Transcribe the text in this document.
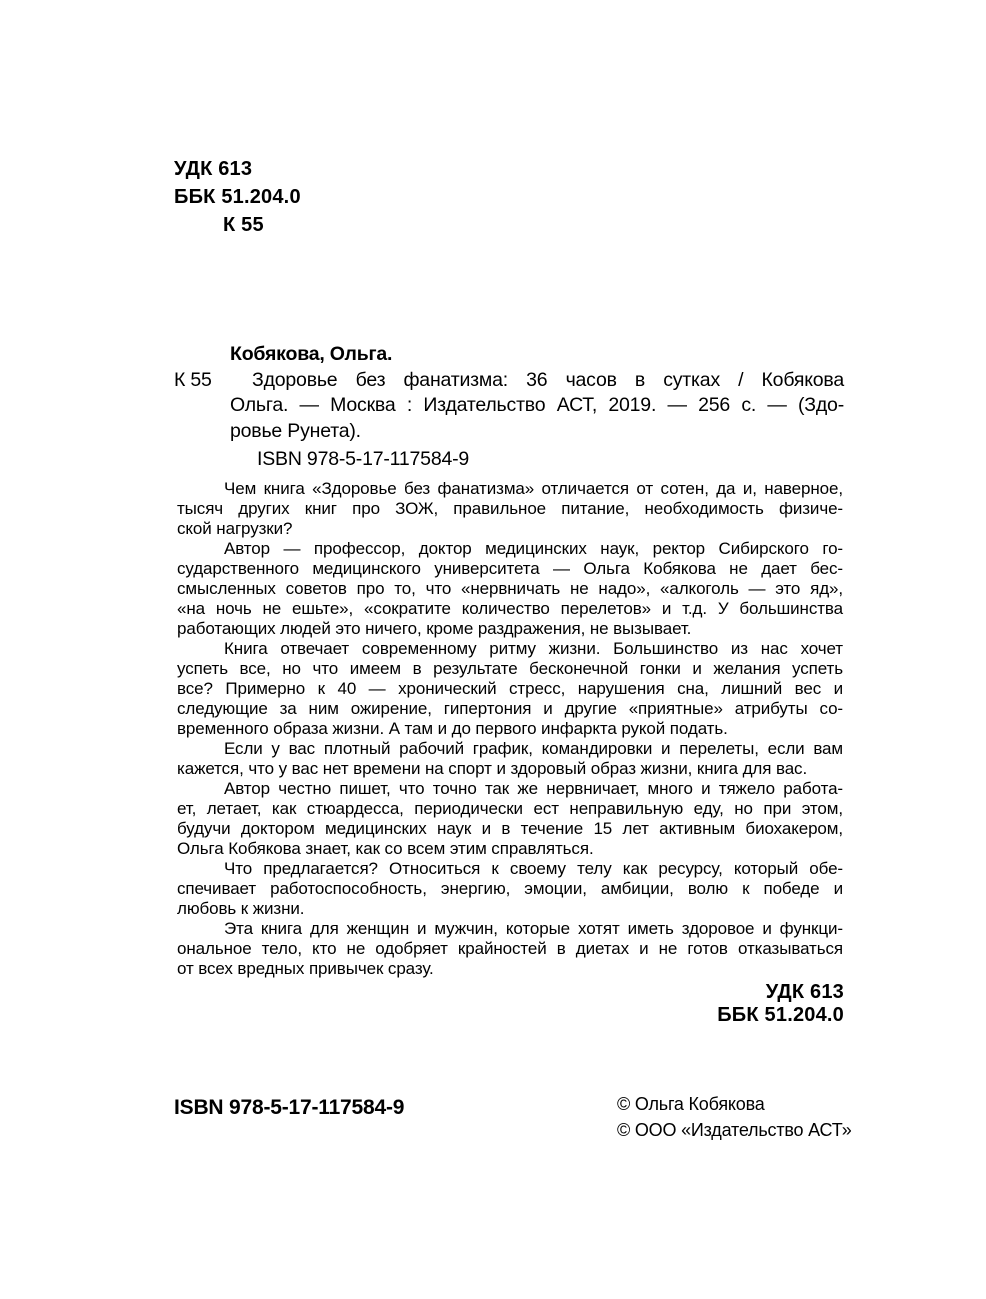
УДК 613
ББК 51.204.0
К 55
К 55
Кобякова, Ольга.
Здоровье без фанатизма: 36 часов в сутках / Кобякова
Ольга. — Москва : Издательство АСТ, 2019. — 256 с. — (Здо-
ровье Рунета).
ISBN 978-5-17-117584-9
Чем книга «Здоровье без фанатизма» отличается от сотен, да и, наверное,
тысяч других книг про ЗОЖ, правильное питание, необходимость физиче-
ской нагрузки?
Автор — профессор, доктор медицинских наук, ректор Сибирского го-
сударственного медицинского университета — Ольга Кобякова не дает бес-
смысленных советов про то, что «нервничать не надо», «алкоголь — это яд»,
«на ночь не ешьте», «сократите количество перелетов» и т.д. У большинства
работающих людей это ничего, кроме раздражения, не вызывает.
Книга отвечает современному ритму жизни. Большинство из нас хочет
успеть все, но что имеем в результате бесконечной гонки и желания успеть
все? Примерно к 40 — хронический стресс, нарушения сна, лишний вес и
следующие за ним ожирение, гипертония и другие «приятные» атрибуты со-
временного образа жизни. А там и до первого инфаркта рукой подать.
Если у вас плотный рабочий график, командировки и перелеты, если вам
кажется, что у вас нет времени на спорт и здоровый образ жизни, книга для вас.
Автор честно пишет, что точно так же нервничает, много и тяжело работа-
ет, летает, как стюардесса, периодически ест неправильную еду, но при этом,
будучи доктором медицинских наук и в течение 15 лет активным биохакером,
Ольга Кобякова знает, как со всем этим справляться.
Что предлагается? Относиться к своему телу как ресурсу, который обе-
спечивает работоспособность, энергию, эмоции, амбиции, волю к победе и
любовь к жизни.
Эта книга для женщин и мужчин, которые хотят иметь здоровое и функци-
ональное тело, кто не одобряет крайностей в диетах и не готов отказываться
от всех вредных привычек сразу.
УДК 613
ББК 51.204.0
ISBN 978-5-17-117584-9	© Ольга Кобякова
© ООО «Издательство АСТ»
